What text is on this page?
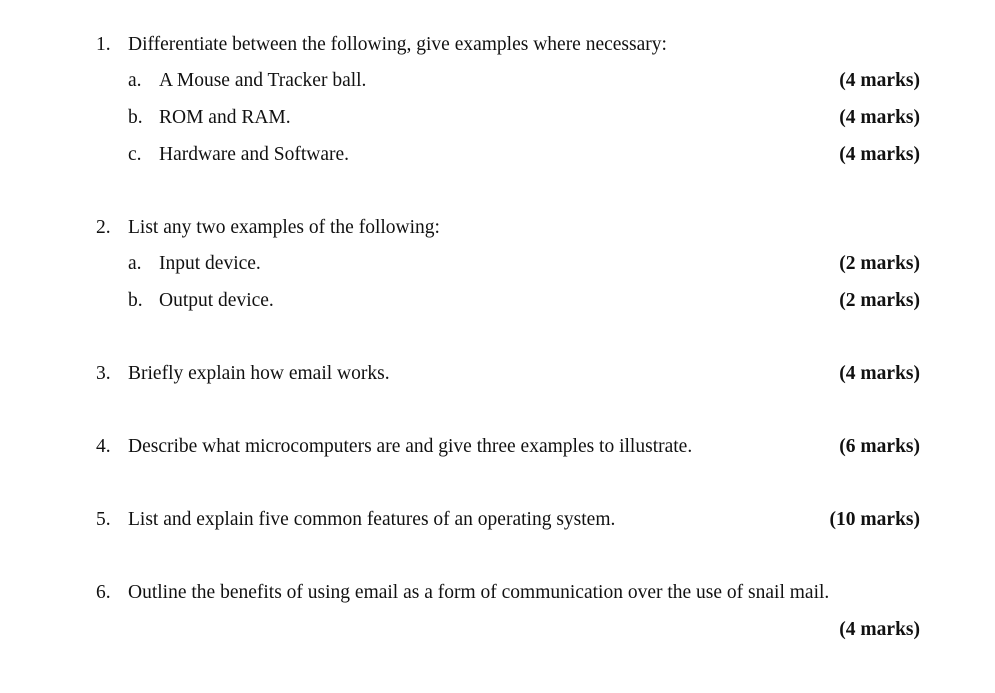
1. Differentiate between the following, give examples where necessary:
a. A Mouse and Tracker ball.	(4 marks)
b. ROM and RAM.	(4 marks)
c. Hardware and Software.	(4 marks)
2. List any two examples of the following:
a. Input device.	(2 marks)
b. Output device.	(2 marks)
3. Briefly explain how email works.	(4 marks)
4. Describe what microcomputers are and give three examples to illustrate.	(6 marks)
5. List and explain five common features of an operating system.	(10 marks)
6. Outline the benefits of using email as a form of communication over the use of snail mail.
(4 marks)
